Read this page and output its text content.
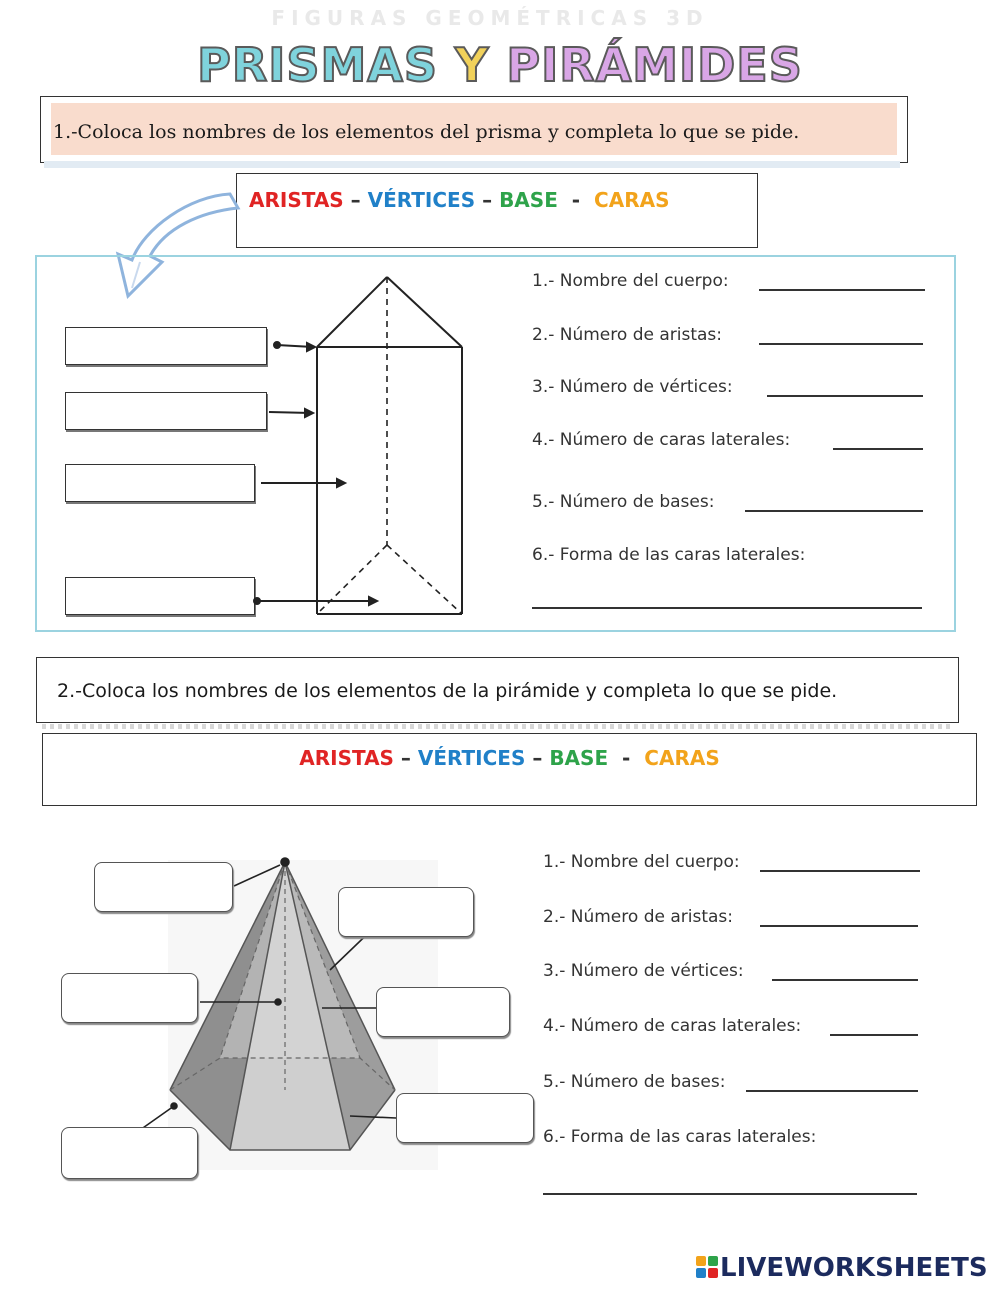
FIGURAS GEOMÉTRICAS 3D
PRISMAS Y PIRÁMIDES
1.-Coloca los nombres de los elementos del prisma y completa lo que se pide.
ARISTAS – VÉRTICES – BASE - CARAS
1.- Nombre del cuerpo:
2.- Número de aristas:
3.- Número de vértices:
4.- Número de caras laterales:
5.- Número de bases:
6.- Forma de las caras laterales:
2.-Coloca los nombres de los elementos de la pirámide y completa lo que se pide.
ARISTAS – VÉRTICES – BASE - CARAS
1.- Nombre del cuerpo:
2.- Número de aristas:
3.- Número de vértices:
4.- Número de caras laterales:
5.- Número de bases:
6.- Forma de las caras laterales:
LIVEWORKSHEETS
